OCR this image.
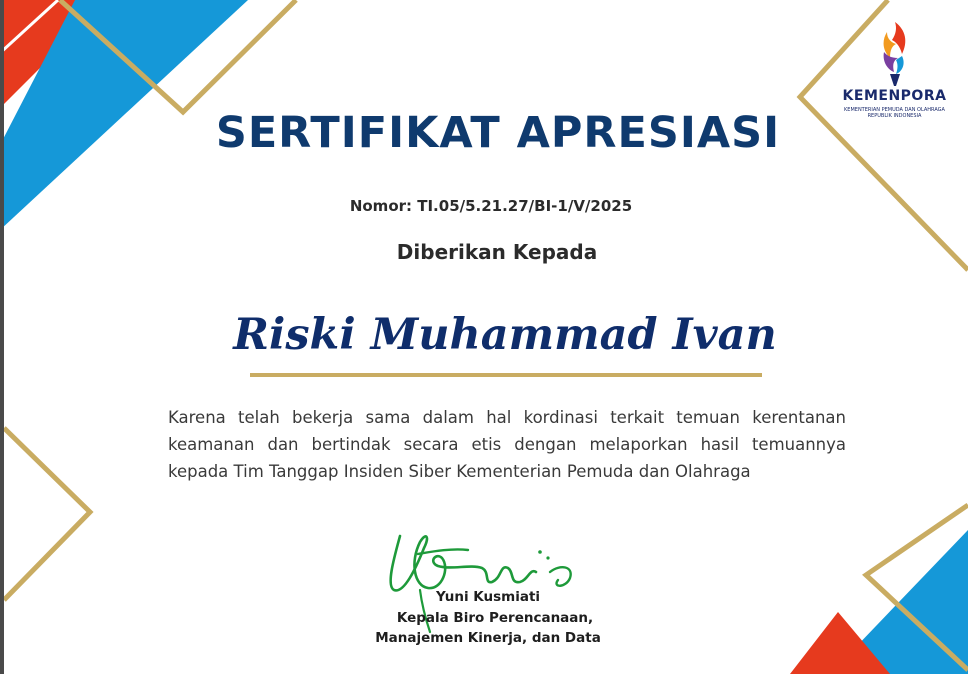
KEMENPORA
KEMENTERIAN PEMUDA DAN OLAHRAGA
REPUBLIK INDONESIA
SERTIFIKAT APRESIASI
Nomor: TI.05/5.21.27/BI-1/V/2025
Diberikan Kepada
Riski Muhammad Ivan
Karena telah bekerja sama dalam hal kordinasi terkait temuan kerentanan keamanan dan bertindak secara etis dengan melaporkan hasil temuannya kepada Tim Tanggap Insiden Siber Kementerian Pemuda dan Olahraga
Yuni Kusmiati
Kepala Biro Perencanaan,
Manajemen Kinerja, dan Data
